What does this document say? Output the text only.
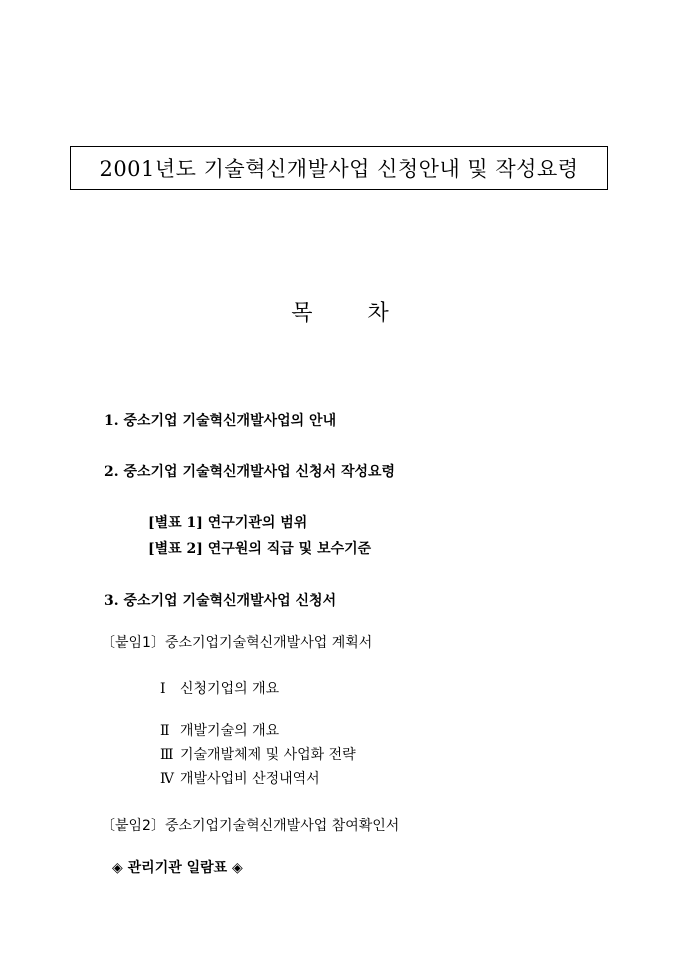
2001년도 기술혁신개발사업 신청안내 및 작성요령
목 차
1. 중소기업 기술혁신개발사업의 안내
2. 중소기업 기술혁신개발사업 신청서 작성요령
[별표 1] 연구기관의 범위
[별표 2] 연구원의 직급 및 보수기준
3. 중소기업 기술혁신개발사업 신청서
〔붙임1〕중소기업기술혁신개발사업 계획서
Ⅰ 신청기업의 개요
Ⅱ 개발기술의 개요
Ⅲ 기술개발체제 및 사업화 전략
Ⅳ 개발사업비 산정내역서
〔붙임2〕중소기업기술혁신개발사업 참여확인서
◈ 관리기관 일람표 ◈
